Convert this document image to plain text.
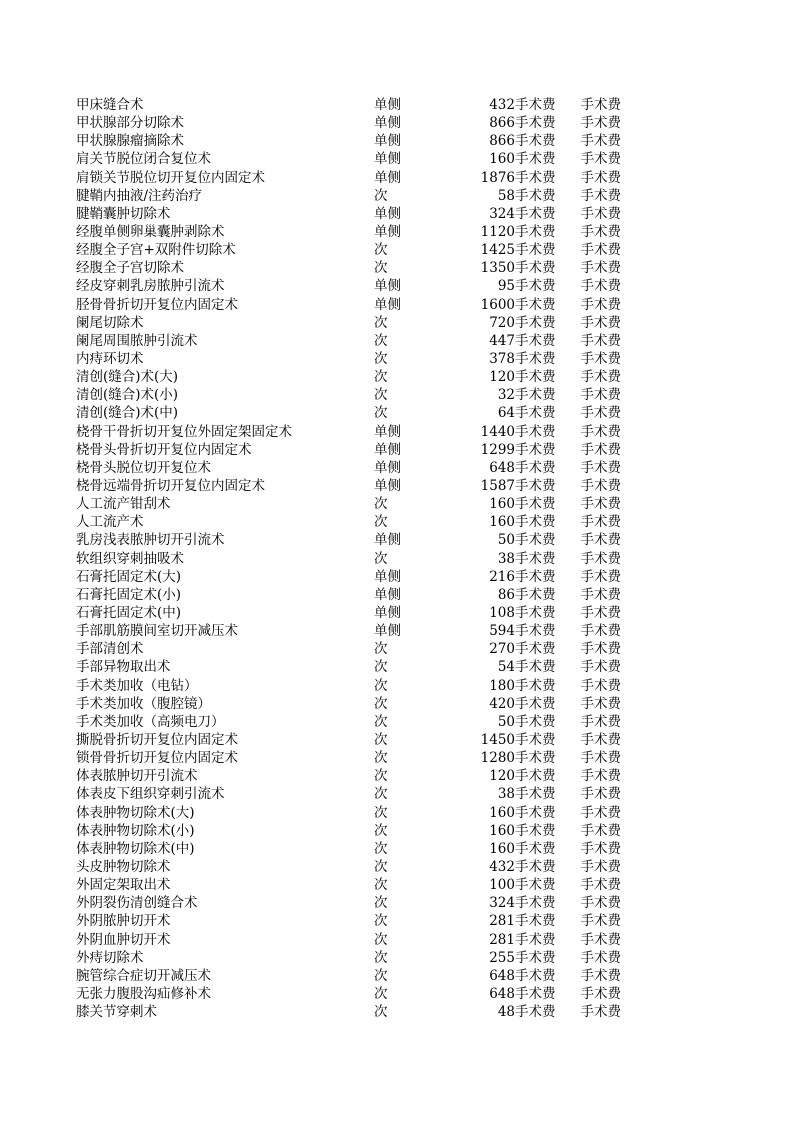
甲床缝合术	单侧	432	手术费	手术费
甲状腺部分切除术	单侧	866	手术费	手术费
甲状腺腺瘤摘除术	单侧	866	手术费	手术费
肩关节脱位闭合复位术	单侧	160	手术费	手术费
肩锁关节脱位切开复位内固定术	单侧	1876	手术费	手术费
腱鞘内抽液/注药治疗	次	58	手术费	手术费
腱鞘囊肿切除术	单侧	324	手术费	手术费
经腹单侧卵巢囊肿剥除术	单侧	1120	手术费	手术费
经腹全子宫+双附件切除术	次	1425	手术费	手术费
经腹全子宫切除术	次	1350	手术费	手术费
经皮穿刺乳房脓肿引流术	单侧	95	手术费	手术费
胫骨骨折切开复位内固定术	单侧	1600	手术费	手术费
阑尾切除术	次	720	手术费	手术费
阑尾周围脓肿引流术	次	447	手术费	手术费
内痔环切术	次	378	手术费	手术费
清创(缝合)术(大)	次	120	手术费	手术费
清创(缝合)术(小)	次	32	手术费	手术费
清创(缝合)术(中)	次	64	手术费	手术费
桡骨干骨折切开复位外固定架固定术	单侧	1440	手术费	手术费
桡骨头骨折切开复位内固定术	单侧	1299	手术费	手术费
桡骨头脱位切开复位术	单侧	648	手术费	手术费
桡骨远端骨折切开复位内固定术	单侧	1587	手术费	手术费
人工流产钳刮术	次	160	手术费	手术费
人工流产术	次	160	手术费	手术费
乳房浅表脓肿切开引流术	单侧	50	手术费	手术费
软组织穿刺抽吸术	次	38	手术费	手术费
石膏托固定术(大)	单侧	216	手术费	手术费
石膏托固定术(小)	单侧	86	手术费	手术费
石膏托固定术(中)	单侧	108	手术费	手术费
手部肌筋膜间室切开减压术	单侧	594	手术费	手术费
手部清创术	次	270	手术费	手术费
手部异物取出术	次	54	手术费	手术费
手术类加收（电钻）	次	180	手术费	手术费
手术类加收（腹腔镜）	次	420	手术费	手术费
手术类加收（高频电刀）	次	50	手术费	手术费
撕脱骨折切开复位内固定术	次	1450	手术费	手术费
锁骨骨折切开复位内固定术	次	1280	手术费	手术费
体表脓肿切开引流术	次	120	手术费	手术费
体表皮下组织穿刺引流术	次	38	手术费	手术费
体表肿物切除术(大)	次	160	手术费	手术费
体表肿物切除术(小)	次	160	手术费	手术费
体表肿物切除术(中)	次	160	手术费	手术费
头皮肿物切除术	次	432	手术费	手术费
外固定架取出术	次	100	手术费	手术费
外阴裂伤清创缝合术	次	324	手术费	手术费
外阴脓肿切开术	次	281	手术费	手术费
外阴血肿切开术	次	281	手术费	手术费
外痔切除术	次	255	手术费	手术费
腕管综合症切开减压术	次	648	手术费	手术费
无张力腹股沟疝修补术	次	648	手术费	手术费
膝关节穿刺术	次	48	手术费	手术费
